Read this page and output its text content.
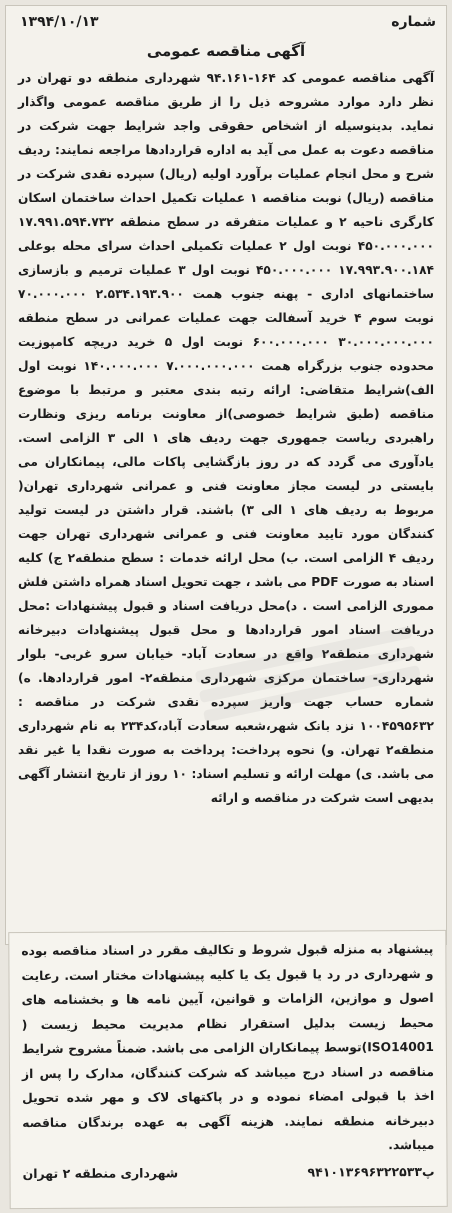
شماره
۱۳۹۴/۱۰/۱۳
آگهی مناقصه عمومی

آگهی مناقصه عمومی کد ۱۶۴-۹۴.۱۶۱ شهرداری منطقه دو تهران در نظر دارد موارد مشروحه ذیل را از طریق مناقصه عمومی واگذار نماید. بدینوسیله از اشخاص حقوقی واجد شرایط جهت شرکت در مناقصه دعوت به عمل می آید به اداره قراردادها مراجعه نمایند: ردیف شرح و محل انجام عملیات برآورد اولیه (ریال) سپرده نقدی شرکت در مناقصه (ریال) نوبت مناقصه ۱ عملیات تکمیل احداث ساختمان اسکان کارگری ناحیه ۲ و عملیات متفرقه در سطح منطقه ۱۷.۹۹۱.۵۹۴.۷۳۲ ۴۵۰.۰۰۰.۰۰۰ نوبت اول ۲ عملیات تکمیلی احداث سرای محله بوعلی ۱۷.۹۹۳.۹۰۰.۱۸۴ ۴۵۰.۰۰۰.۰۰۰ نوبت اول ۳ عملیات ترمیم و بازسازی ساختمانهای اداری - پهنه جنوب همت ۲.۵۳۴.۱۹۳.۹۰۰ ۷۰.۰۰۰.۰۰۰ نوبت سوم ۴ خرید آسفالت جهت عملیات عمرانی در سطح منطقه ۳۰.۰۰۰.۰۰۰.۰۰۰ ۶۰۰.۰۰۰.۰۰۰ نوبت اول ۵ خرید دریچه کامپوزیت محدوده جنوب بزرگراه همت ۷.۰۰۰.۰۰۰.۰۰۰ ۱۴۰.۰۰۰.۰۰۰ نوبت اول الف)شرایط متقاضی: ارائه رتبه بندی معتبر و مرتبط با موضوع مناقصه (طبق شرایط خصوصی)از معاونت برنامه ریزی ونظارت راهبردی ریاست جمهوری جهت ردیف های ۱ الی ۳ الزامی است. یادآوری می گردد که در روز بازگشایی پاکات مالی، پیمانکاران می بایستی در لیست مجاز معاونت فنی و عمرانی شهرداری تهران( مربوط به ردیف های ۱ الی ۳) باشند. قرار داشتن در لیست تولید کنندگان مورد تایید معاونت فنی و عمرانی شهرداری تهران جهت ردیف ۴ الزامی است. ب) محل ارائه خدمات : سطح منطقه۲ ج) کلیه اسناد به صورت PDF می باشد ، جهت تحویل اسناد همراه داشتن فلش مموری الزامی است . د)محل دریافت اسناد و قبول پیشنهادات :محل دریافت اسناد امور قراردادها و محل قبول پیشنهادات دبیرخانه شهرداری منطقه۲ واقع در سعادت آباد- خیابان سرو غربی- بلوار شهرداری- ساختمان مرکزی شهرداری منطقه۲- امور قراردادها. ه) شماره حساب جهت واریز سپرده نقدی شرکت در مناقصه : ۱۰۰۴۵۹۵۶۳۲ نزد بانک شهر،شعبه سعادت آباد،کد۲۳۴ به نام شهرداری منطقه۲ تهران. و) نحوه پرداخت: پرداخت به صورت نقدا یا غیر نقد می باشد. ی) مهلت ارائه و تسلیم اسناد: ۱۰ روز از تاریخ انتشار آگهی بدیهی است شرکت در مناقصه و ارائه

پیشنهاد به منزله قبول شروط و تکالیف مقرر در اسناد مناقصه بوده و شهرداری در رد یا قبول یک یا کلیه پیشنهادات مختار است. رعایت اصول و موازین، الزامات و قوانین، آیین نامه ها و بخشنامه های محیط زیست بدلیل استقرار نظام مدیریت محیط زیست ( ISO14001)توسط پیمانکاران الزامی می باشد. ضمناً مشروح شرایط مناقصه در اسناد درج میباشد که شرکت کنندگان، مدارک را پس از اخذ با قبولی امضاء نموده و در پاکتهای لاک و مهر شده تحویل دبیرخانه منطقه نمایند. هزینه آگهی به عهده برندگان مناقصه میباشد.

پ۹۴۱۰۱۳۶۹۶۳۲۲۵۳۳
شهرداری منطقه ۲ تهران
